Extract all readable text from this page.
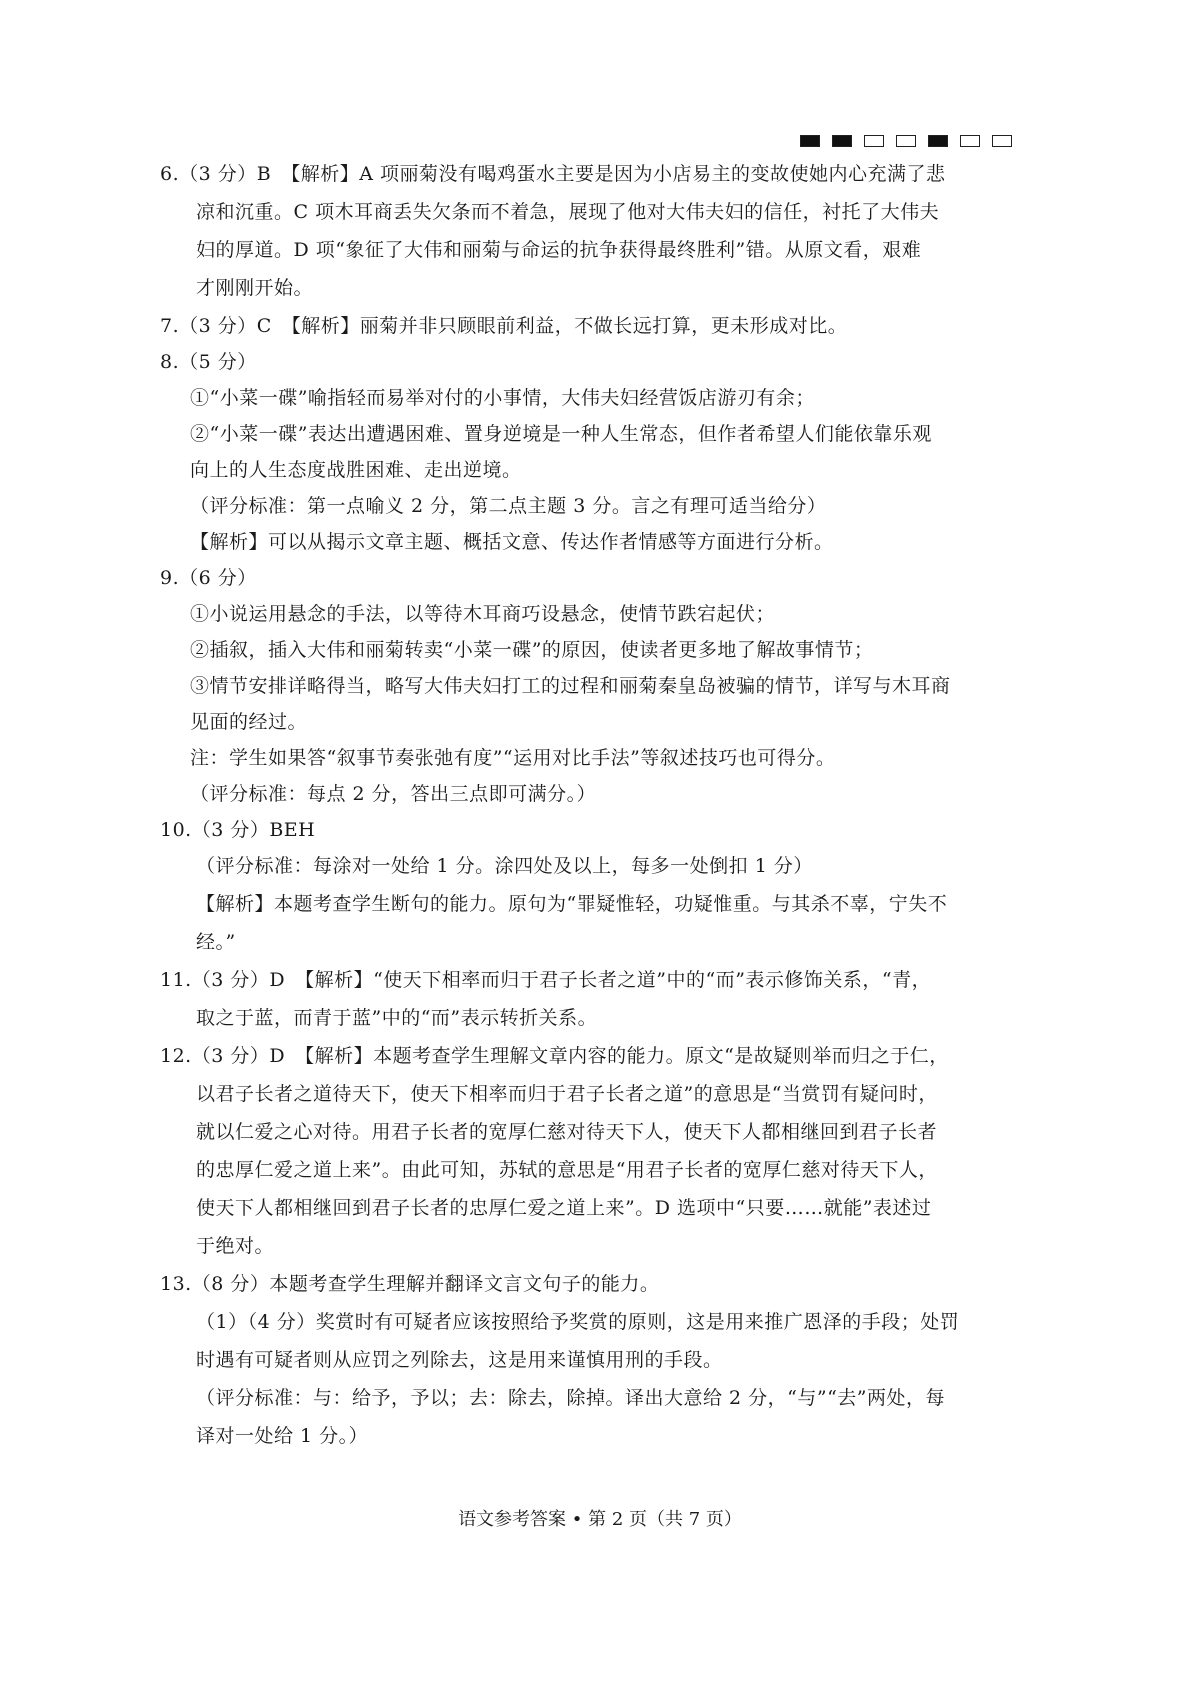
6.（3 分）B　【解析】A 项丽菊没有喝鸡蛋水主要是因为小店易主的变故使她内心充满了悲
凉和沉重。C 项木耳商丢失欠条而不着急，展现了他对大伟夫妇的信任，衬托了大伟夫
妇的厚道。D 项“象征了大伟和丽菊与命运的抗争获得最终胜利”错。从原文看，艰难
才刚刚开始。
7.（3 分）C　【解析】丽菊并非只顾眼前利益，不做长远打算，更未形成对比。
8.（5 分）
①“小菜一碟”喻指轻而易举对付的小事情，大伟夫妇经营饭店游刃有余；
②“小菜一碟”表达出遭遇困难、置身逆境是一种人生常态，但作者希望人们能依靠乐观
向上的人生态度战胜困难、走出逆境。
（评分标准：第一点喻义 2 分，第二点主题 3 分。言之有理可适当给分）
【解析】可以从揭示文章主题、概括文意、传达作者情感等方面进行分析。
9.（6 分）
①小说运用悬念的手法，以等待木耳商巧设悬念，使情节跌宕起伏；
②插叙，插入大伟和丽菊转卖“小菜一碟”的原因，使读者更多地了解故事情节；
③情节安排详略得当，略写大伟夫妇打工的过程和丽菊秦皇岛被骗的情节，详写与木耳商
见面的经过。
注：学生如果答“叙事节奏张弛有度”“运用对比手法”等叙述技巧也可得分。
（评分标准：每点 2 分，答出三点即可满分。）
10.（3 分）BEH
（评分标准：每涂对一处给 1 分。涂四处及以上，每多一处倒扣 1 分）
【解析】本题考查学生断句的能力。原句为“罪疑惟轻，功疑惟重。与其杀不辜，宁失不
经。”
11.（3 分）D　【解析】“使天下相率而归于君子长者之道”中的“而”表示修饰关系，“青，
取之于蓝，而青于蓝”中的“而”表示转折关系。
12.（3 分）D　【解析】本题考查学生理解文章内容的能力。原文“是故疑则举而归之于仁，
以君子长者之道待天下，使天下相率而归于君子长者之道”的意思是“当赏罚有疑问时，
就以仁爱之心对待。用君子长者的宽厚仁慈对待天下人，使天下人都相继回到君子长者
的忠厚仁爱之道上来”。由此可知，苏轼的意思是“用君子长者的宽厚仁慈对待天下人，
使天下人都相继回到君子长者的忠厚仁爱之道上来”。D 选项中“只要……就能”表述过
于绝对。
13.（8 分）本题考查学生理解并翻译文言文句子的能力。
（1）（4 分）奖赏时有可疑者应该按照给予奖赏的原则，这是用来推广恩泽的手段；处罚
时遇有可疑者则从应罚之列除去，这是用来谨慎用刑的手段。
（评分标准：与：给予，予以；去：除去，除掉。译出大意给 2 分，“与”“去”两处，每
译对一处给 1 分。）
语文参考答案 • 第 2 页（共 7 页）
